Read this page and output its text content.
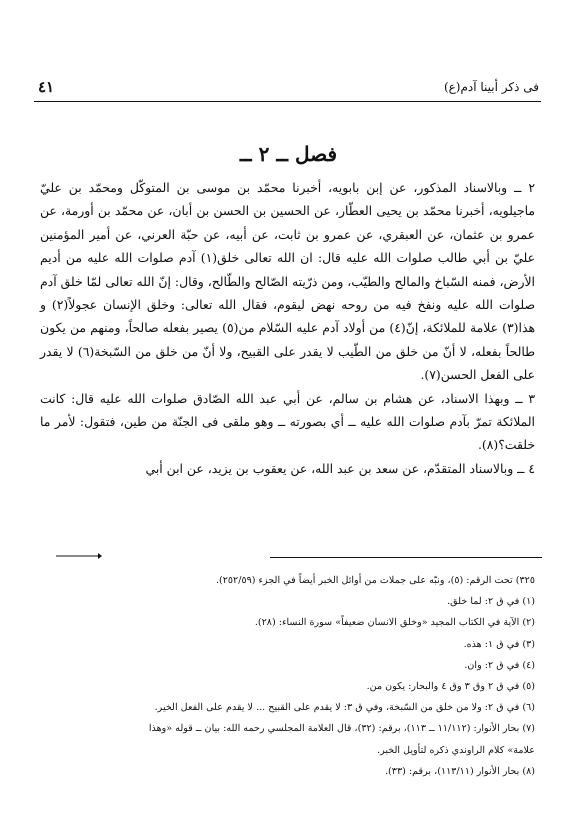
فى ذكر أبينا آدم(ع)
٤١
فصل ــ ٢ ــ

٢ ــ وبالاسناد المذكور، عن إبن بابويه، أخبرنا محمّد بن موسى بن المتوكّل ومحمّد بن عليّ ماجيلويه، أخبرنا محمّد بن يحيى العطّار، عن الحسين بن الحسن بن أبان، عن محمّد بن أورمة، عن عمرو بن عثمان، عن العبقري، عن عمرو بن ثابت، عن أبيه، عن حبّة العرني، عن أمير المؤمنين عليّ بن أبي طالب صلوات الله عليه قال: ان الله تعالى خلق(١) آدم صلوات الله عليه من أديم الأرض، فمنه السّباخ والمالح والطيّب، ومن ذرّيته الصّالح والطّالح، وقال: إنّ الله تعالى لمّا خلق آدم صلوات الله عليه ونفخ فيه من روحه نهض ليقوم، فقال الله تعالى: وخلق الإنسان عجولاً(٢) و هذا(٣) علامة للملائكة، إنّ(٤) من أولاد آدم عليه السّلام من(٥) يصير بفعله صالحاً، ومنهم من يكون طالحاً بفعله، لا أنّ من خلق من الطّيب لا يقدر على القبيح، ولا أنّ من خلق من السّبخة(٦) لا يقدر على الفعل الحسن(٧).

٣ ــ وبهذا الاسناد، عن هشام بن سالم، عن أبي عبد الله الصّادق صلوات الله عليه قال: كانت الملائكة تمرّ بآدم صلوات الله عليه ــ أي بصورته ــ وهو ملقى فى الجنّة من طين، فتقول: لأمر ما خلقت؟(٨).

٤ ــ وبالاسناد المتقدّم، عن سعد بن عبد الله، عن يعقوب بن يزيد، عن ابن أبي

٣٢٥) تحت الرقم: (٥)، ونبّه على جملات من أوائل الخبر أيضاً في الجزء (٢٥٢/٥٩).

(١) في ق ٢: لما خلق.

(٢) الآية في الكتاب المجيد «وخلق الانسان ضعيفاً» سورة النساء: (٢٨).

(٣) في ق ١: هذه.

(٤) في ق ٢: وان.

(٥) في ق ٢ وق ٣ وق ٤ والبحار: يكون من.

(٦) في ق ٢: ولا من خلق من السّبخة، وفي ق ٣: لا يقدم على القبيح ... لا يقدم على الفعل الخير.

(٧) بحار الأنوار: (١١/١١٢ ــ ١١٣)، برقم: (٣٢)، قال العلامة المجلسي رحمه الله: بيان ــ قوله «وهذا

علامة» كلام الراوندي ذكره لتأويل الخبر.

(٨) بحار الأنوار (١١٣/١١)، برقم: (٣٣).
